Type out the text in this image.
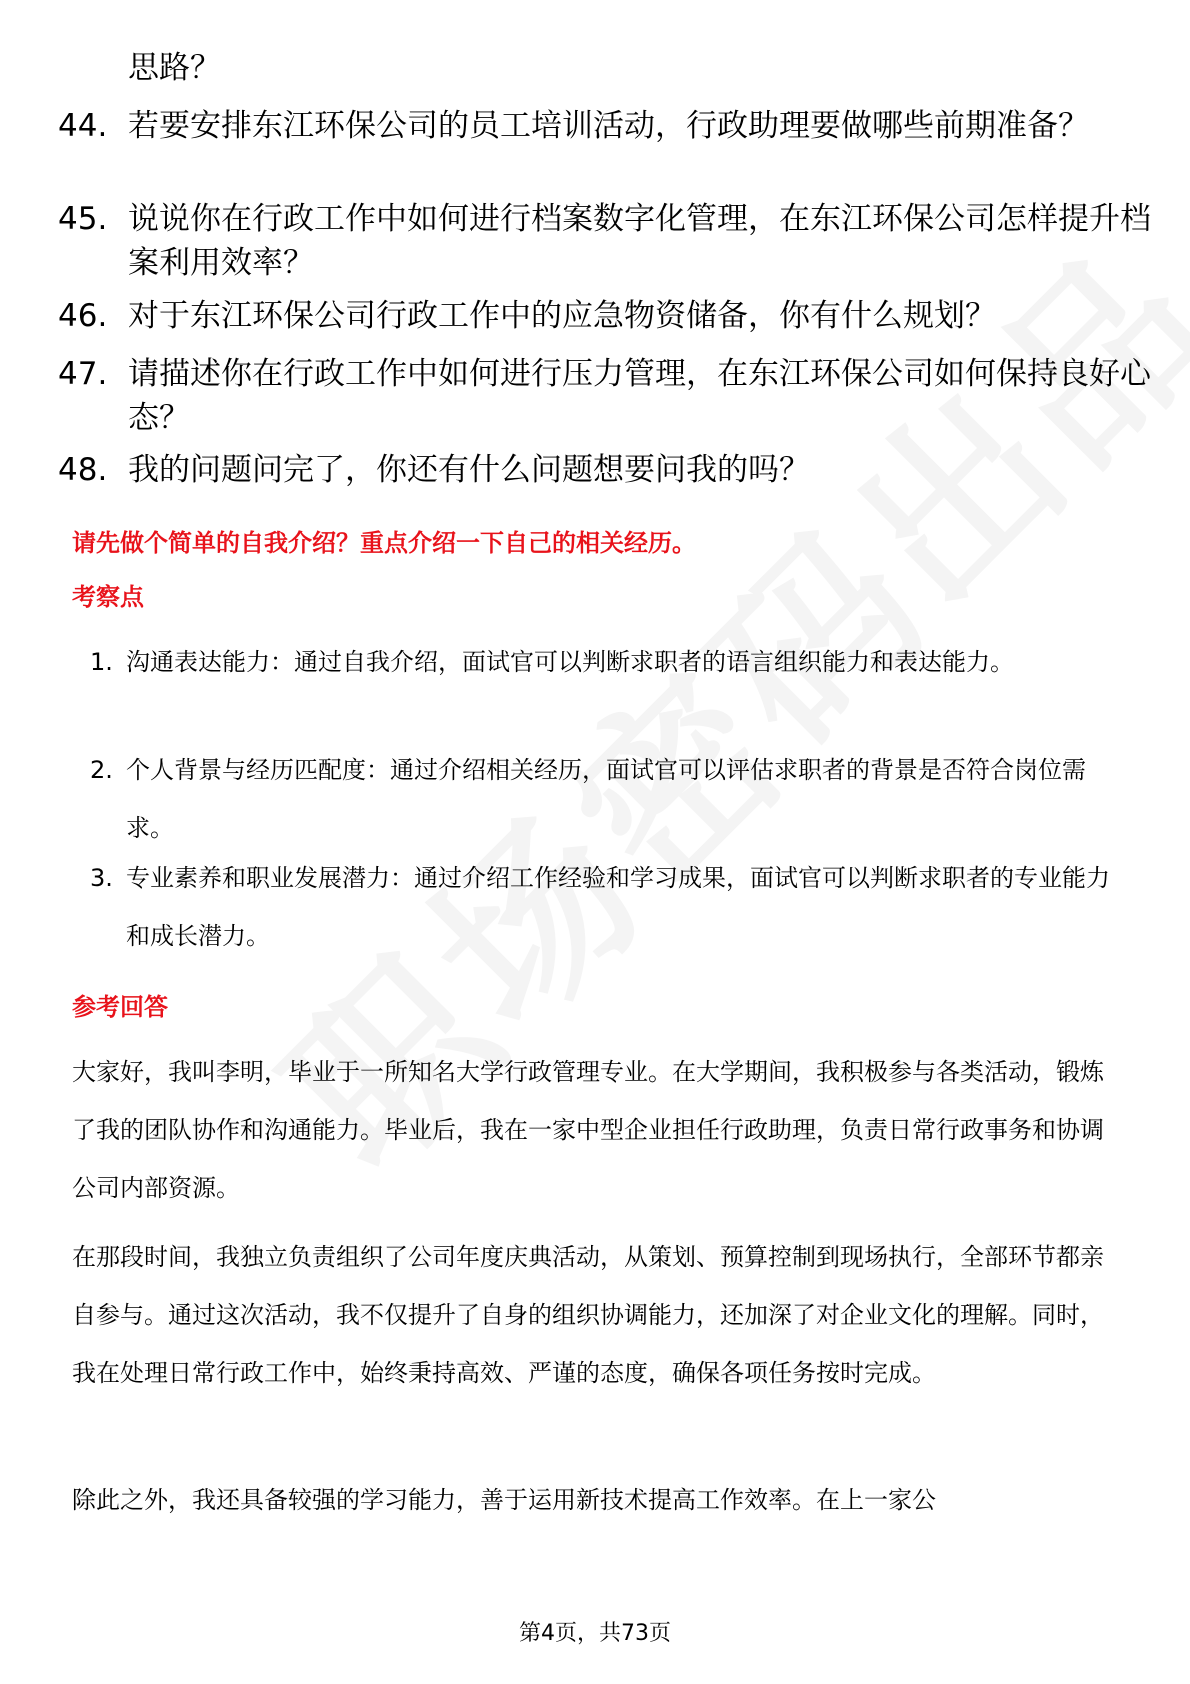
思路？
44. 若要安排东江环保公司的员工培训活动，行政助理要做哪些前期准备？
45. 说说你在行政工作中如何进行档案数字化管理，在东江环保公司怎样提升档案利用效率？
46. 对于东江环保公司行政工作中的应急物资储备，你有什么规划？
47. 请描述你在行政工作中如何进行压力管理，在东江环保公司如何保持良好心态？
48. 我的问题问完了，你还有什么问题想要问我的吗？
请先做个简单的自我介绍？重点介绍一下自己的相关经历。
考察点
1. 沟通表达能力：通过自我介绍，面试官可以判断求职者的语言组织能力和表达能力。
2. 个人背景与经历匹配度：通过介绍相关经历，面试官可以评估求职者的背景是否符合岗位需求。
3. 专业素养和职业发展潜力：通过介绍工作经验和学习成果，面试官可以判断求职者的专业能力和成长潜力。
参考回答
大家好，我叫李明，毕业于一所知名大学行政管理专业。在大学期间，我积极参与各类活动，锻炼了我的团队协作和沟通能力。毕业后，我在一家中型企业担任行政助理，负责日常行政事务和协调公司内部资源。
在那段时间，我独立负责组织了公司年度庆典活动，从策划、预算控制到现场执行，全部环节都亲自参与。通过这次活动，我不仅提升了自身的组织协调能力，还加深了对企业文化的理解。同时，我在处理日常行政工作中，始终秉持高效、严谨的态度，确保各项任务按时完成。
除此之外，我还具备较强的学习能力，善于运用新技术提高工作效率。在上一家公
第4页，共73页
